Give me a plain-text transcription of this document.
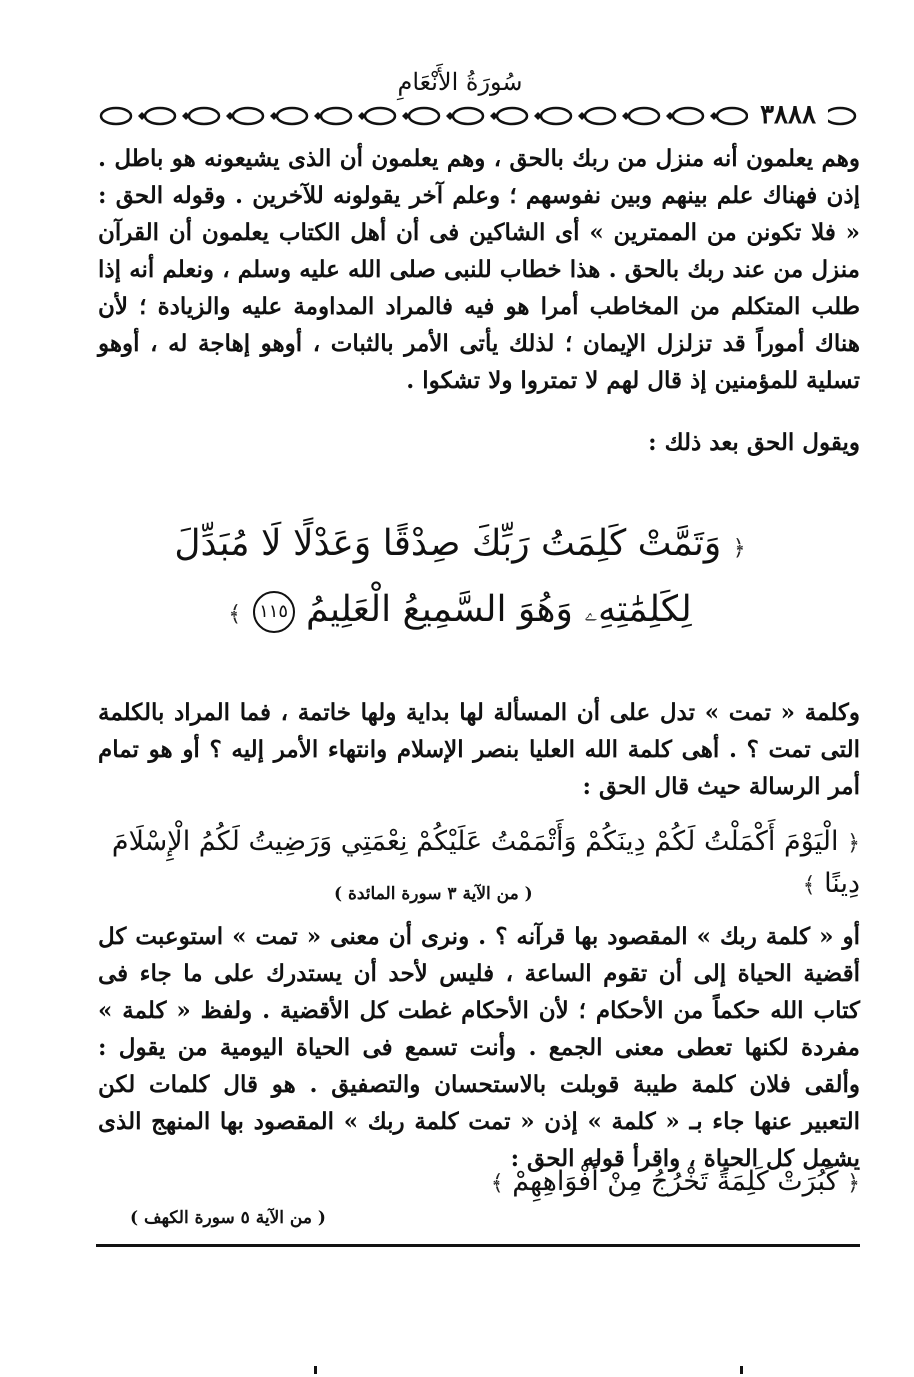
سُورَةُ الأَنْعَامِ
٣٨٨٨
وهم يعلمون أنه منزل من ربك بالحق ، وهم يعلمون أن الذى يشيعونه هو باطل . إذن فهناك علم بينهم وبين نفوسهم ؛ وعلم آخر يقولونه للآخرين . وقوله الحق : « فلا تكونن من الممترين » أى الشاكين فى أن أهل الكتاب يعلمون أن القرآن منزل من عند ربك بالحق . هذا خطاب للنبى صلى الله عليه وسلم ، ونعلم أنه إذا طلب المتكلم من المخاطب أمرا هو فيه فالمراد المداومة عليه والزيادة ؛ لأن هناك أموراً قد تزلزل الإيمان ؛ لذلك يأتى الأمر بالثبات ، أوهو إهاجة له ، أوهو تسلية للمؤمنين إذ قال لهم لا تمتروا ولا تشكوا .
ويقول الحق بعد ذلك :
﴿ وَتَمَّتْ كَلِمَتُ رَبِّكَ صِدْقًا وَعَدْلًا لَا مُبَدِّلَ
لِكَلِمَٰتِهِۦ وَهُوَ السَّمِيعُ الْعَلِيمُ ١١٥ ﴾
وكلمة « تمت » تدل على أن المسألة لها بداية ولها خاتمة ، فما المراد بالكلمة التى تمت ؟ . أهى كلمة الله العليا بنصر الإسلام وانتهاء الأمر إليه ؟ أو هو تمام أمر الرسالة حيث قال الحق :
﴿ الْيَوْمَ أَكْمَلْتُ لَكُمْ دِينَكُمْ وَأَتْمَمْتُ عَلَيْكُمْ نِعْمَتِي وَرَضِيتُ لَكُمُ الْإِسْلَامَ دِينًا ﴾
( من الآية ٣ سورة المائدة )
أو « كلمة ربك » المقصود بها قرآنه ؟ . ونرى أن معنى « تمت » استوعبت كل أقضية الحياة إلى أن تقوم الساعة ، فليس لأحد أن يستدرك على ما جاء فى كتاب الله حكماً من الأحكام ؛ لأن الأحكام غطت كل الأقضية . ولفظ « كلمة » مفردة لكنها تعطى معنى الجمع . وأنت تسمع فى الحياة اليومية من يقول : وألقى فلان كلمة طيبة قوبلت بالاستحسان والتصفيق . هو قال كلمات لكن التعبير عنها جاء بـ « كلمة » إذن « تمت كلمة ربك » المقصود بها المنهج الذى يشمل كل الحياة ، واقرأ قوله الحق :
﴿ كَبُرَتْ كَلِمَةً تَخْرُجُ مِنْ أَفْوَاهِهِمْ ﴾
( من الآية ٥ سورة الكهف )
